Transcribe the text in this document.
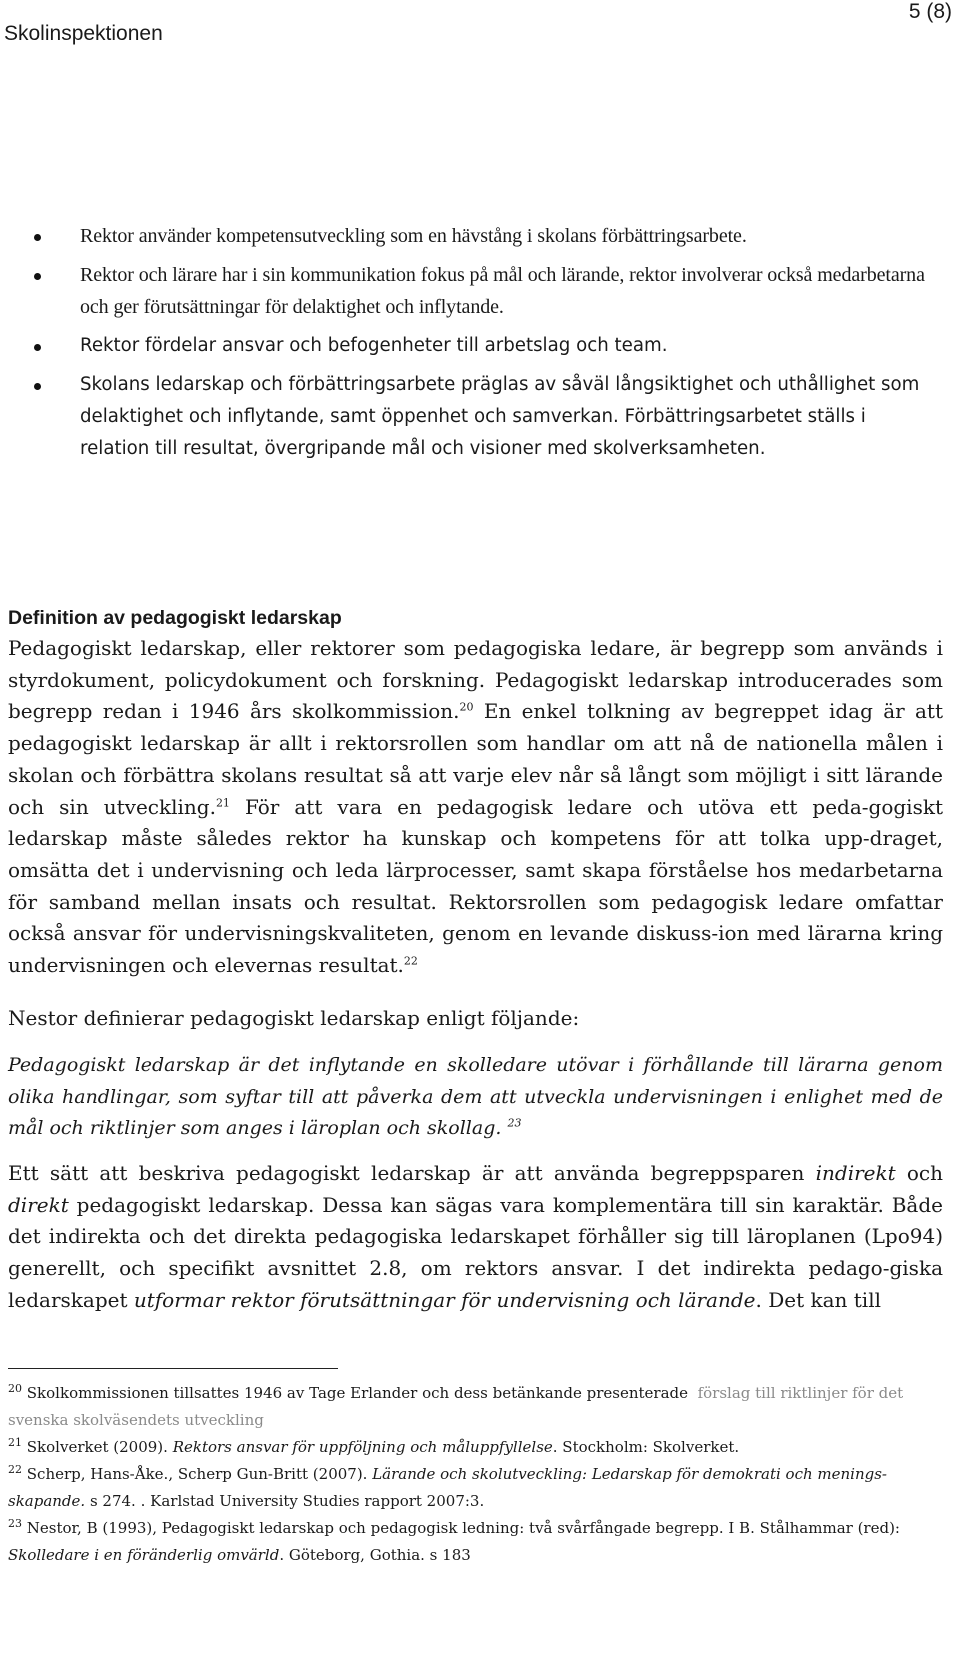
Skolinspektionen
5 (8)
Rektor använder kompetensutveckling som en hävstång i skolans förbättringsarbete.
Rektor och lärare har i sin kommunikation fokus på mål och lärande, rektor involverar också medarbetarna och ger förutsättningar för delaktighet och inflytande.
Rektor fördelar ansvar och befogenheter till arbetslag och team.
Skolans ledarskap och förbättringsarbete präglas av såväl långsiktighet och uthållighet som delaktighet och inflytande, samt öppenhet och samverkan. Förbättringsarbetet ställs i relation till resultat, övergripande mål och visioner med skolverksamheten.
Definition av pedagogiskt ledarskap

Pedagogiskt ledarskap, eller rektorer som pedagogiska ledare, är begrepp som används i styrdokument, policydokument och forskning. Pedagogiskt ledarskap introducerades som begrepp redan i 1946 års skolkommission.$^{20}$ En enkel tolkning av begreppet idag är att pedagogiskt ledarskap är allt i rektorsrollen som handlar om att nå de nationella målen i skolan och förbättra skolans resultat så att varje elev når så långt som möjligt i sitt lärande och sin utveckling.$^{21}$ För att vara en pedagogisk ledare och utöva ett peda-gogiskt ledarskap måste således rektor ha kunskap och kompetens för att tolka upp-draget, omsätta det i undervisning och leda lärprocesser, samt skapa förståelse hos medarbetarna för samband mellan insats och resultat. Rektorsrollen som pedagogisk ledare omfattar också ansvar för undervisningskvaliteten, genom en levande diskuss-ion med lärarna kring undervisningen och elevernas resultat.$^{22}$

Nestor definierar pedagogiskt ledarskap enligt följande:

Pedagogiskt ledarskap är det inflytande en skolledare utövar i förhållande till lärarna genom olika handlingar, som syftar till att påverka dem att utveckla undervisningen i enlighet med de mål och riktlinjer som anges i läroplan och skollag. $^{23}$

Ett sätt att beskriva pedagogiskt ledarskap är att använda begreppsparen indirekt och direkt pedagogiskt ledarskap. Dessa kan sägas vara komplementära till sin karaktär. Både det indirekta och det direkta pedagogiska ledarskapet förhåller sig till läroplanen (Lpo94) generellt, och specifikt avsnittet 2.8, om rektors ansvar. I det indirekta pedago-giska ledarskapet utformar rektor förutsättningar för undervisning och lärande. Det kan till

$^{20}$ Skolkommissionen tillsattes 1946 av Tage Erlander och dess betänkande presenterade förslag till riktlinjer för det svenska skolväsendets utveckling

$^{21}$ Skolverket (2009). Rektors ansvar för uppföljning och måluppfyllelse. Stockholm: Skolverket.

$^{22}$ Scherp, Hans-Åke., Scherp Gun-Britt (2007). Lärande och skolutveckling: Ledarskap för demokrati och menings-skapande. s 274. . Karlstad University Studies rapport 2007:3.

$^{23}$ Nestor, B (1993), Pedagogiskt ledarskap och pedagogisk ledning: två svårfångade begrepp. I B. Stålhammar (red): Skolledare i en föränderlig omvärld. Göteborg, Gothia. s 183
